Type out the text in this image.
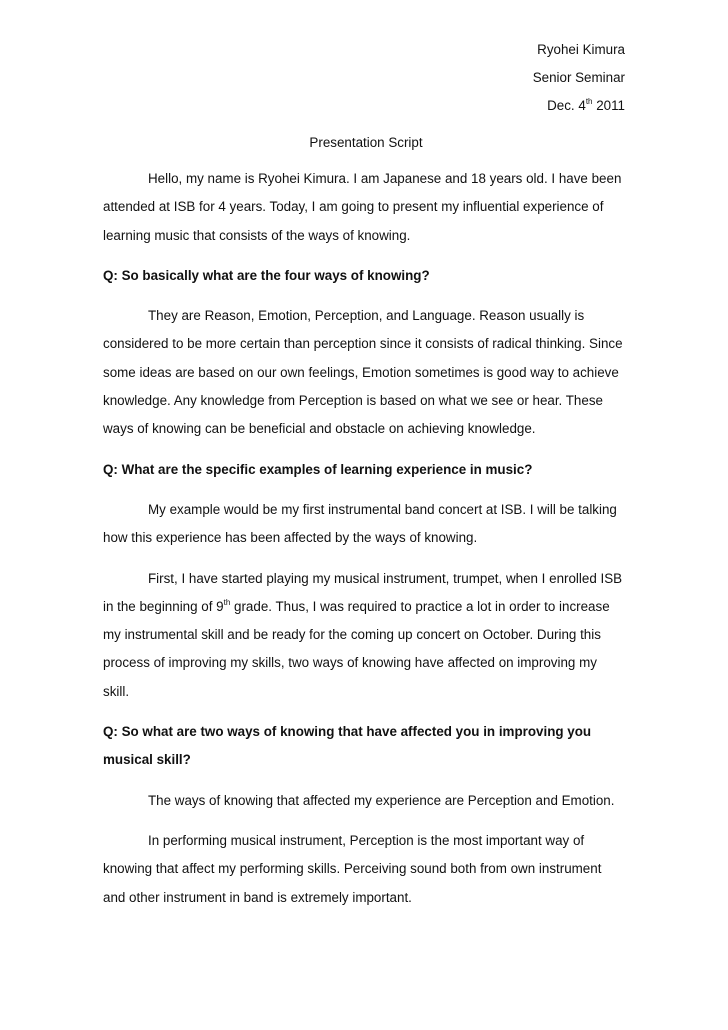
Ryohei Kimura
Senior Seminar
Dec. 4th 2011
Presentation Script

Hello, my name is Ryohei Kimura. I am Japanese and 18 years old. I have been attended at ISB for 4 years. Today, I am going to present my influential experience of learning music that consists of the ways of knowing.

Q: So basically what are the four ways of knowing?

They are Reason, Emotion, Perception, and Language. Reason usually is considered to be more certain than perception since it consists of radical thinking. Since some ideas are based on our own feelings, Emotion sometimes is good way to achieve knowledge. Any knowledge from Perception is based on what we see or hear. These ways of knowing can be beneficial and obstacle on achieving knowledge.

Q: What are the specific examples of learning experience in music?

My example would be my first instrumental band concert at ISB. I will be talking how this experience has been affected by the ways of knowing.

First, I have started playing my musical instrument, trumpet, when I enrolled ISB in the beginning of 9th grade. Thus, I was required to practice a lot in order to increase my instrumental skill and be ready for the coming up concert on October. During this process of improving my skills, two ways of knowing have affected on improving my skill.

Q: So what are two ways of knowing that have affected you in improving you musical skill?

The ways of knowing that affected my experience are Perception and Emotion.

In performing musical instrument, Perception is the most important way of knowing that affect my performing skills. Perceiving sound both from own instrument and other instrument in band is extremely important.
